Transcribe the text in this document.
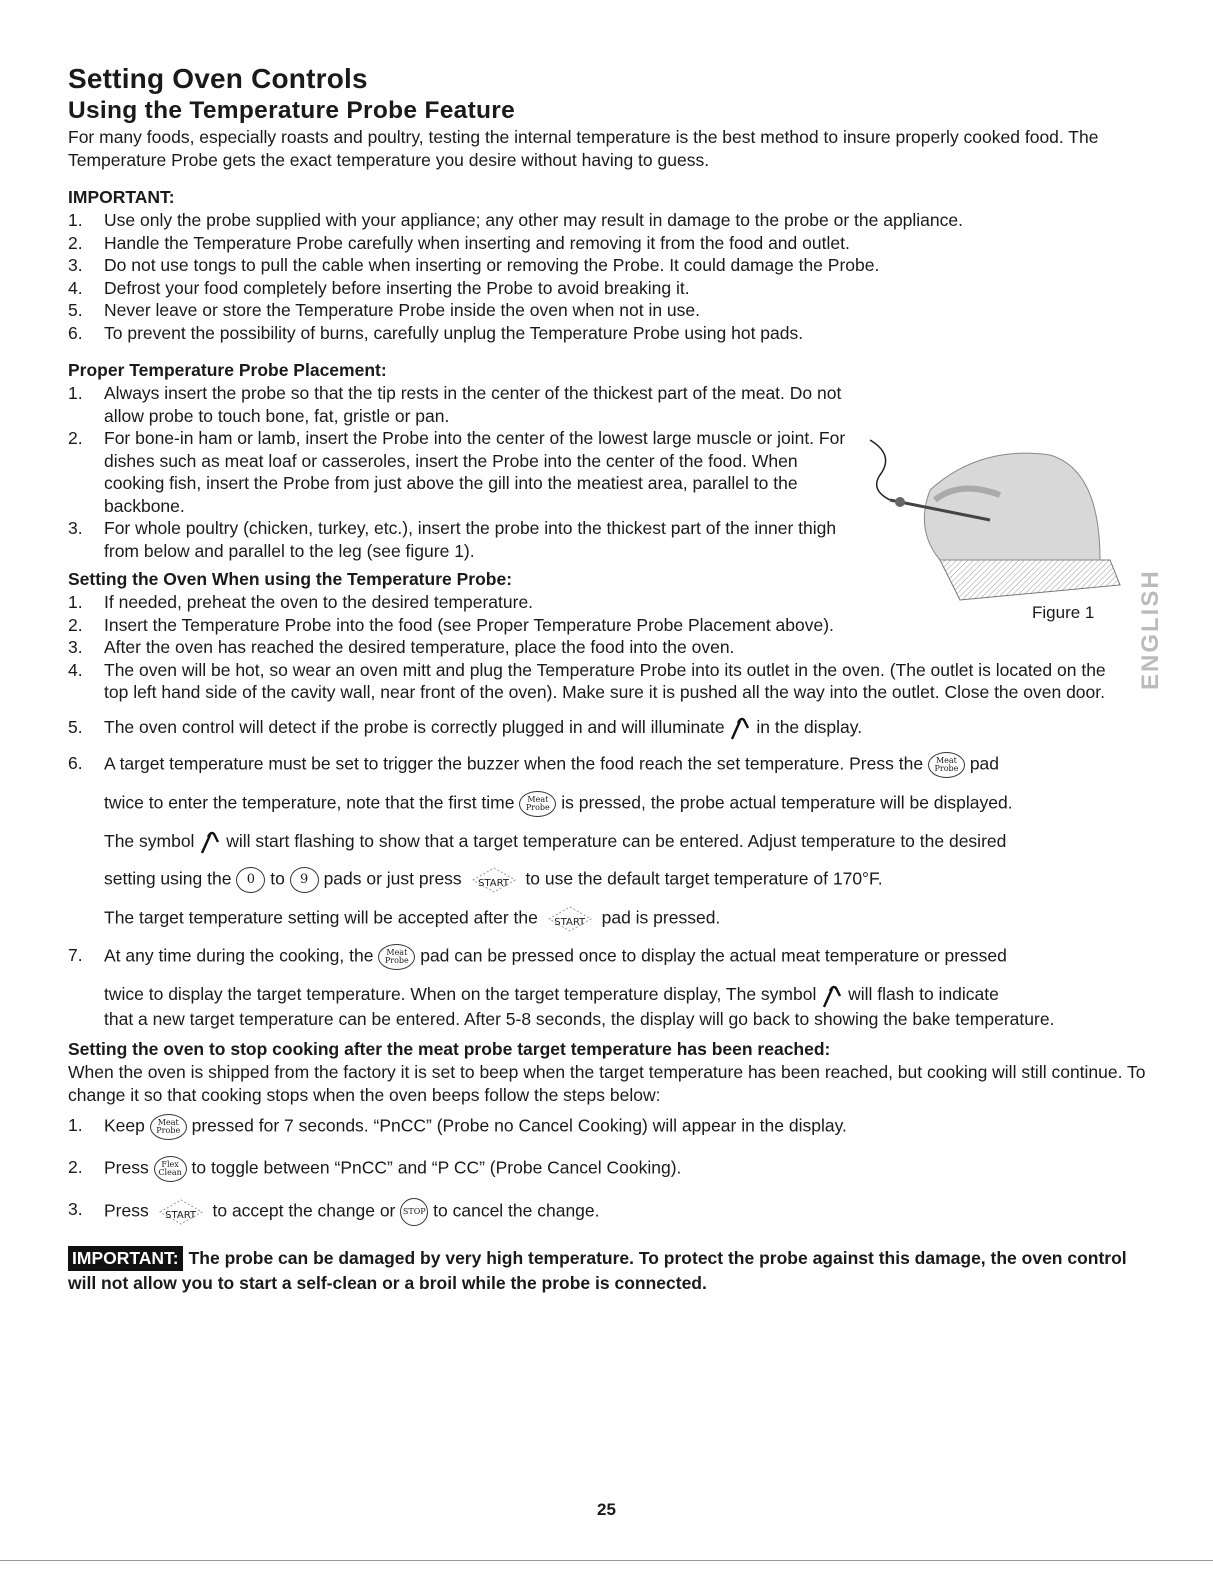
Setting Oven Controls
Using the Temperature Probe Feature

For many foods, especially roasts and poultry, testing the internal temperature is the best method to insure properly cooked food. The Temperature Probe gets the exact temperature you desire without having to guess.

IMPORTANT:
1. Use only the probe supplied with your appliance; any other may result in damage to the probe or the appliance.
2. Handle the Temperature Probe carefully when inserting and removing it from the food and outlet.
3. Do not use tongs to pull the cable when inserting or removing the Probe. It could damage the Probe.
4. Defrost your food completely before inserting the Probe to avoid breaking it.
5. Never leave or store the Temperature Probe inside the oven when not in use.
6. To prevent the possibility of burns, carefully unplug the Temperature Probe using hot pads.
Proper Temperature Probe Placement:
1. Always insert the probe so that the tip rests in the center of the thickest part of the meat. Do not allow probe to touch bone, fat, gristle or pan.
2. For bone-in ham or lamb, insert the Probe into the center of the lowest large muscle or joint. For dishes such as meat loaf or casseroles, insert the Probe into the center of the food. When cooking fish, insert the Probe from just above the gill into the meatiest area, parallel to the backbone.
3. For whole poultry (chicken, turkey, etc.), insert the probe into the thickest part of the inner thigh from below and parallel to the leg (see figure 1).
Setting the Oven When using the Temperature Probe:
1. If needed, preheat the oven to the desired temperature.
2. Insert the Temperature Probe into the food (see Proper Temperature Probe Placement above).
3. After the oven has reached the desired temperature, place the food into the oven.
4. The oven will be hot, so wear an oven mitt and plug the Temperature Probe into its outlet in the oven. (The outlet is located on the top left hand side of the cavity wall, near front of the oven). Make sure it is pushed all the way into the outlet. Close the oven door.
5. The oven control will detect if the probe is correctly plugged in and will illuminate in the display.
6. A target temperature must be set to trigger the buzzer when the food reach the set temperature. Press the Meat
Probe pad
twice to enter the temperature, note that the first time Meat
Probe is pressed, the probe actual temperature will be displayed.
The symbol will start flashing to show that a target temperature can be entered. Adjust temperature to the desired
setting using the 0 to 9 pads or just press	START to use the default target temperature of 170°F.
The target temperature setting will be accepted after the	START pad is pressed.
7. At any time during the cooking, the Meat
Probe pad can be pressed once to display the actual meat temperature or pressed
twice to display the target temperature. When on the target temperature display, The symbol will flash to indicate
that a new target temperature can be entered. After 5-8 seconds, the display will go back to showing the bake temperature.
Setting the oven to stop cooking after the meat probe target temperature has been reached:

When the oven is shipped from the factory it is set to beep when the target temperature has been reached, but cooking will still continue. To change it so that cooking stops when the oven beeps follow the steps below:

1. Keep Meat
Probe pressed for 7 seconds. “PnCC” (Probe no Cancel Cooking) will appear in the display.
2. Press Flex
Clean to toggle between “PnCC” and “P CC” (Probe Cancel Cooking).
3. Press	START to accept the change or STOP to cancel the change.
IMPORTANT: The probe can be damaged by very high temperature. To protect the probe against this damage, the oven control will not allow you to start a self-clean or a broil while the probe is connected.
Figure 1 ENGLISH
25
